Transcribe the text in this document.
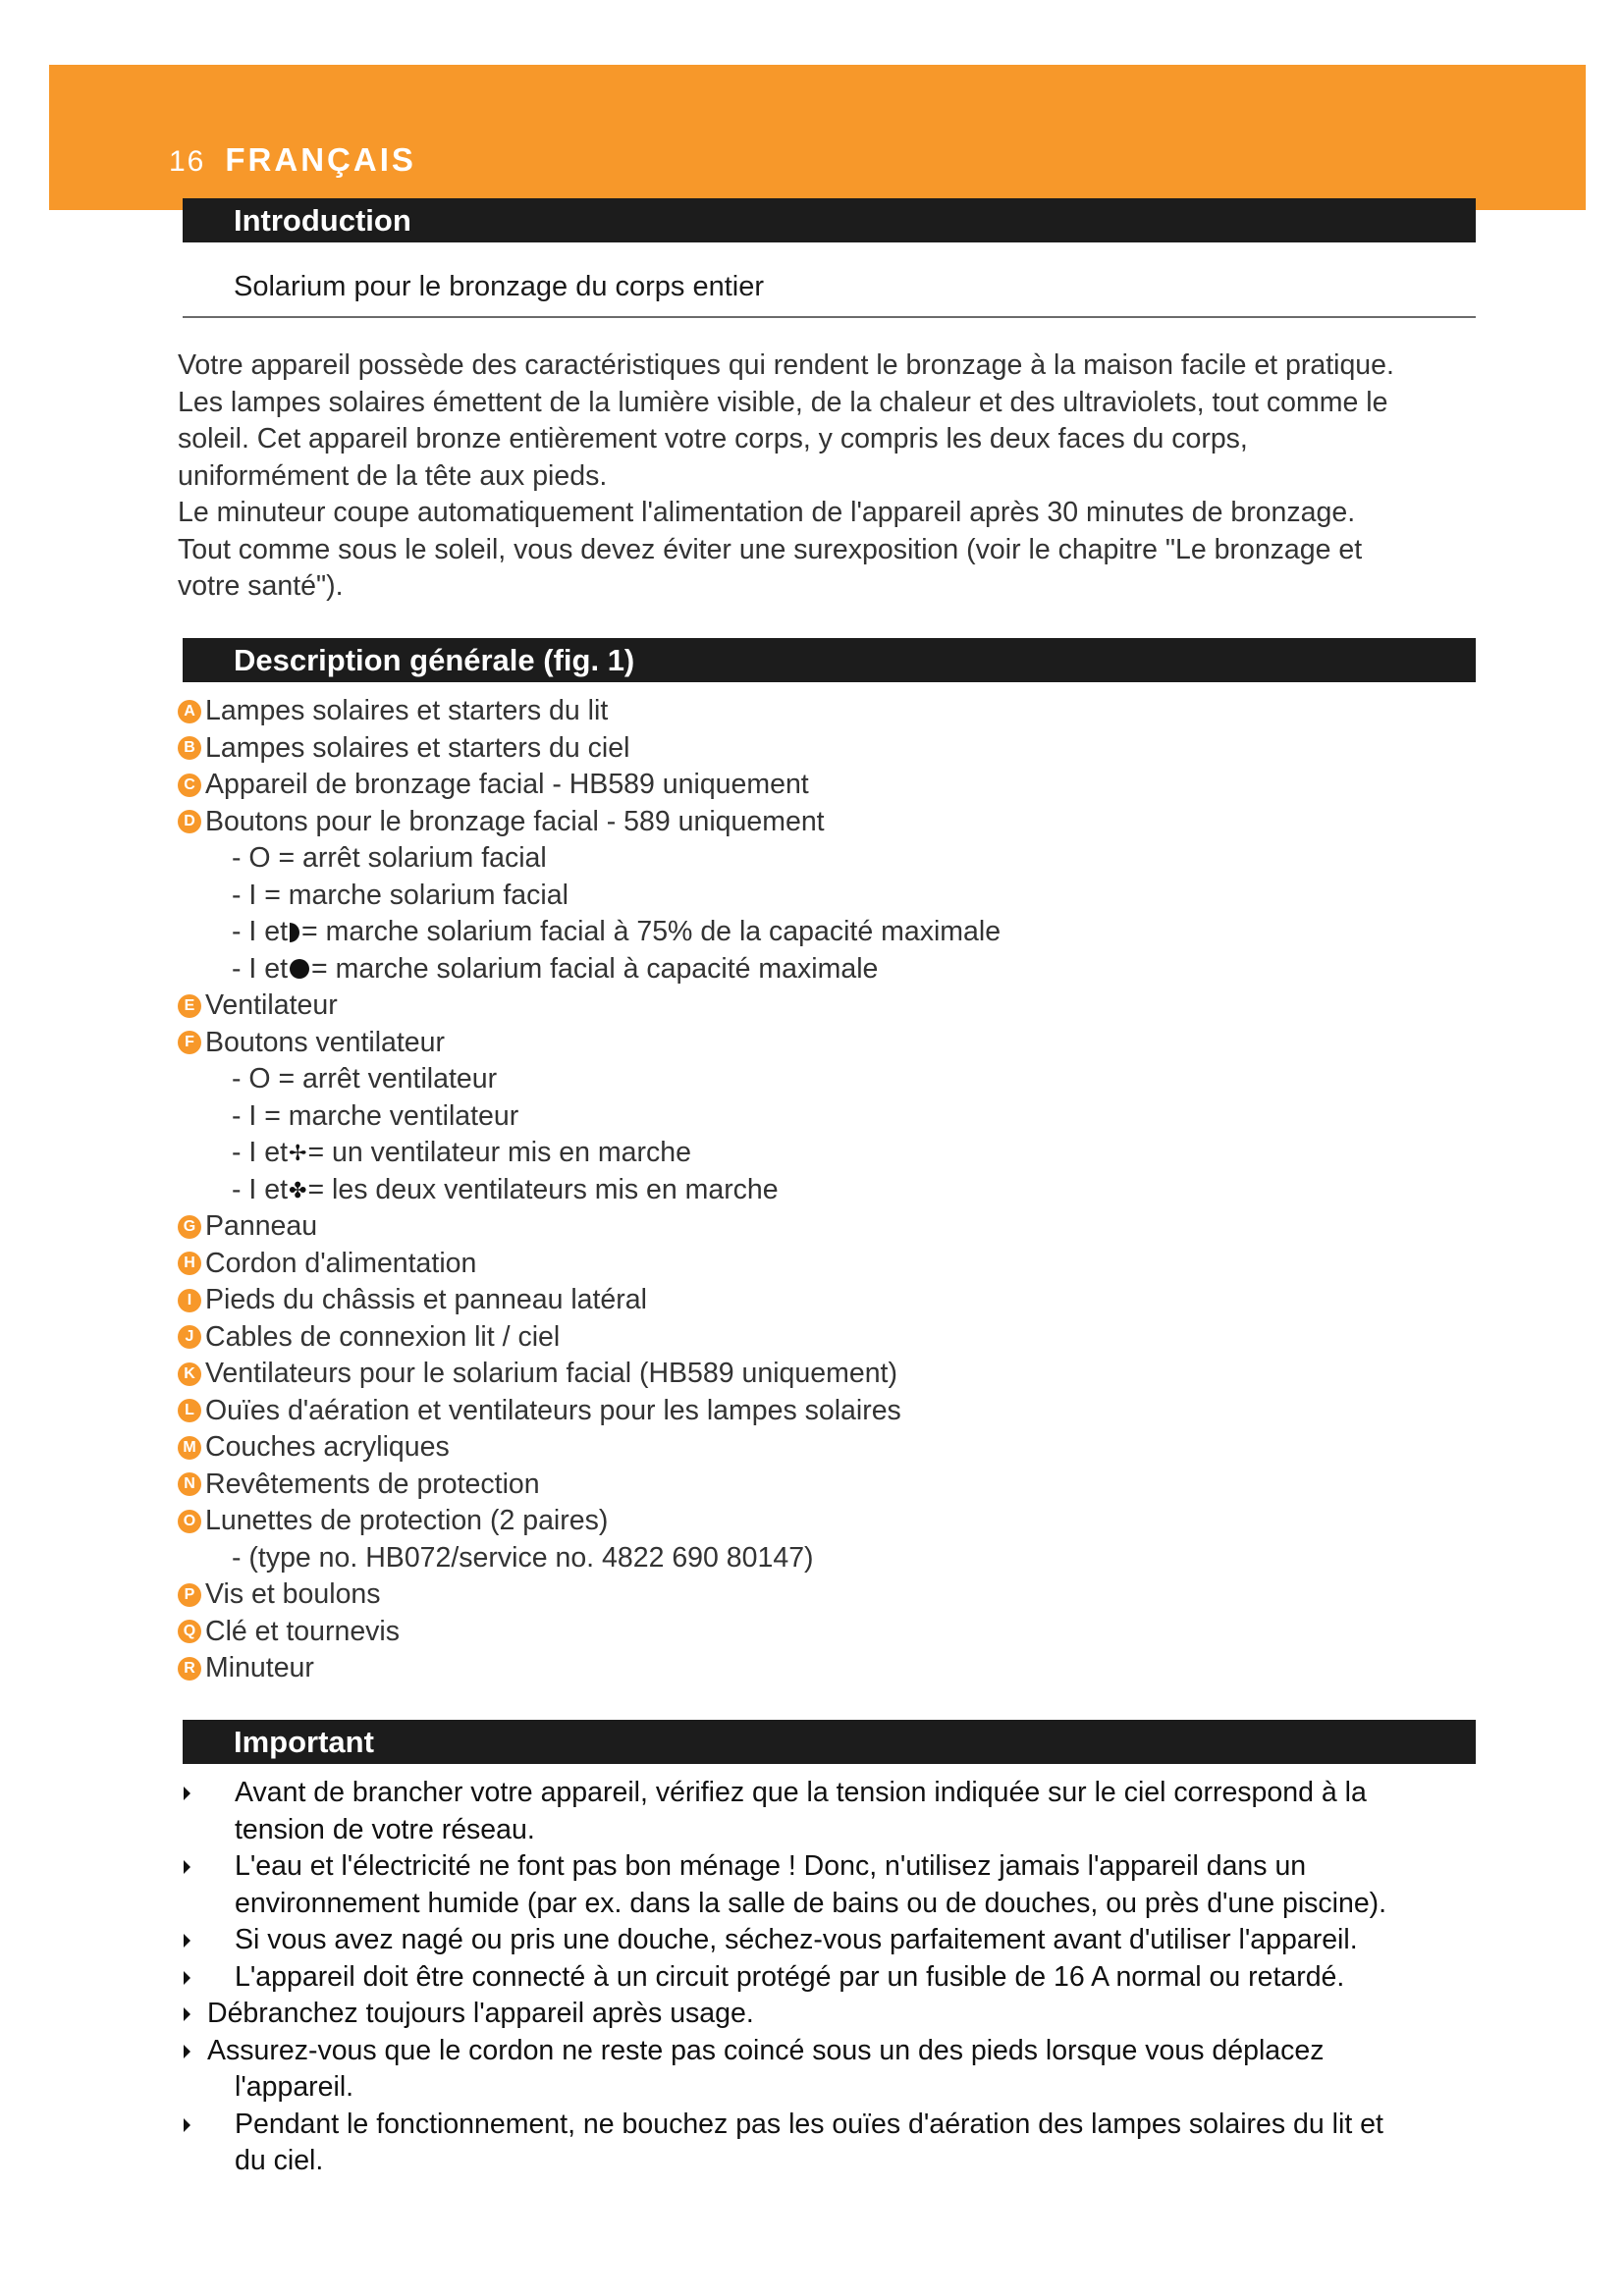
16 FRANÇAIS
Introduction
Solarium pour le bronzage du corps entier

Votre appareil possède des caractéristiques qui rendent le bronzage à la maison facile et pratique.

Les lampes solaires émettent de la lumière visible, de la chaleur et des ultraviolets, tout comme le

soleil. Cet appareil bronze entièrement votre corps, y compris les deux faces du corps,

uniformément de la tête aux pieds.

Le minuteur coupe automatiquement l'alimentation de l'appareil après 30 minutes de bronzage.

Tout comme sous le soleil, vous devez éviter une surexposition (voir le chapitre "Le bronzage et

votre santé").

Description générale (fig. 1)
A Lampes solaires et starters du lit
B Lampes solaires et starters du ciel
C Appareil de bronzage facial - HB589 uniquement
D Boutons pour le bronzage facial - 589 uniquement
- O = arrêt solarium facial
- I = marche solarium facial
- I et = marche solarium facial à 75% de la capacité maximale
- I et = marche solarium facial à capacité maximale
E Ventilateur
F Boutons ventilateur
- O = arrêt ventilateur
- I = marche ventilateur
- I et ✢ = un ventilateur mis en marche
- I et ✤ = les deux ventilateurs mis en marche
G Panneau
H Cordon d'alimentation
I Pieds du châssis et panneau latéral
J Cables de connexion lit / ciel
K Ventilateurs pour le solarium facial (HB589 uniquement)
L Ouïes d'aération et ventilateurs pour les lampes solaires
M Couches acryliques
N Revêtements de protection
O Lunettes de protection (2 paires)
- (type no. HB072/service no. 4822 690 80147)
P Vis et boulons
Q Clé et tournevis
R Minuteur
Important
Avant de brancher votre appareil, vérifiez que la tension indiquée sur le ciel correspond à la
tension de votre réseau.
L'eau et l'électricité ne font pas bon ménage ! Donc, n'utilisez jamais l'appareil dans un
environnement humide (par ex. dans la salle de bains ou de douches, ou près d'une piscine).
Si vous avez nagé ou pris une douche, séchez-vous parfaitement avant d'utiliser l'appareil.
L'appareil doit être connecté à un circuit protégé par un fusible de 16 A normal ou retardé.
Débranchez toujours l'appareil après usage.
Assurez-vous que le cordon ne reste pas coincé sous un des pieds lorsque vous déplacez
l'appareil.
Pendant le fonctionnement, ne bouchez pas les ouïes d'aération des lampes solaires du lit et
du ciel.
